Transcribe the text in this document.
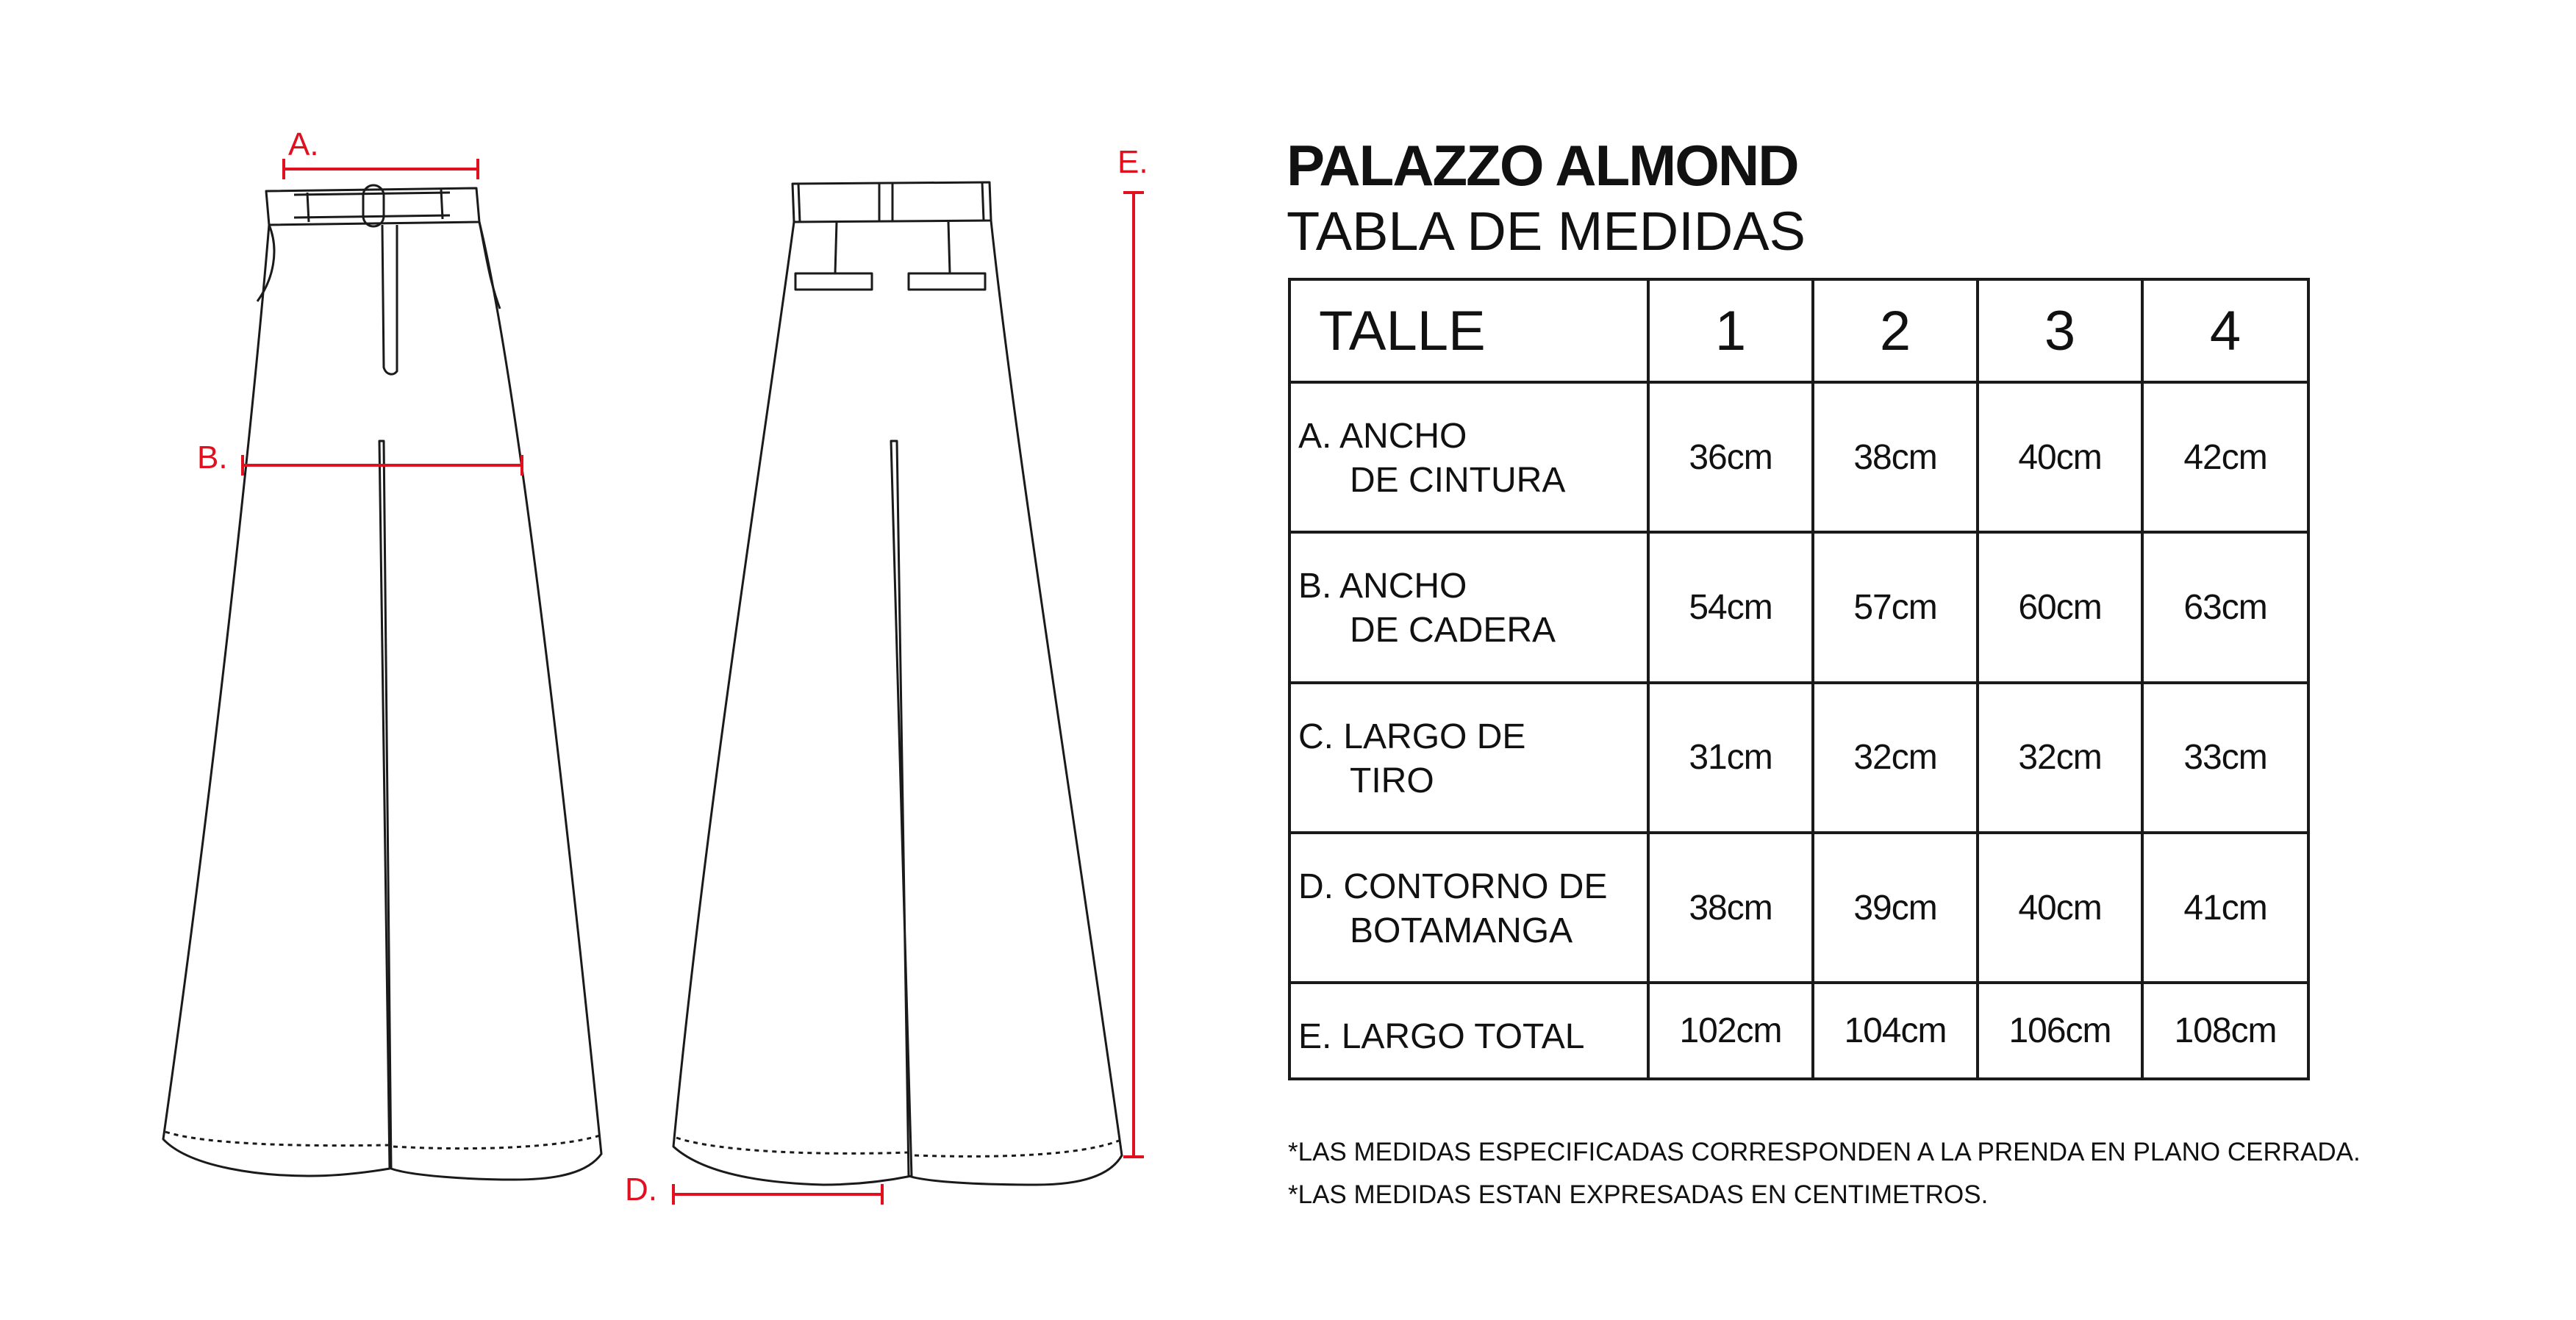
A.
B.
D.
E. PALAZZO ALMOND
TABLA DE MEDIDAS
TALLE	1	2	3	4

A. ANCHO
DE CINTURA	36cm	38cm	40cm	42cm

B. ANCHO
DE CADERA	54cm	57cm	60cm	63cm

C. LARGO DE
TIRO	31cm	32cm	32cm	33cm

D. CONTORNO DE
BOTAMANGA	38cm	39cm	40cm	41cm

E. LARGO TOTAL	102cm	104cm	106cm	108cm
*LAS MEDIDAS ESPECIFICADAS CORRESPONDEN A LA PRENDA EN PLANO CERRADA.
*LAS MEDIDAS ESTAN EXPRESADAS EN CENTIMETROS.
